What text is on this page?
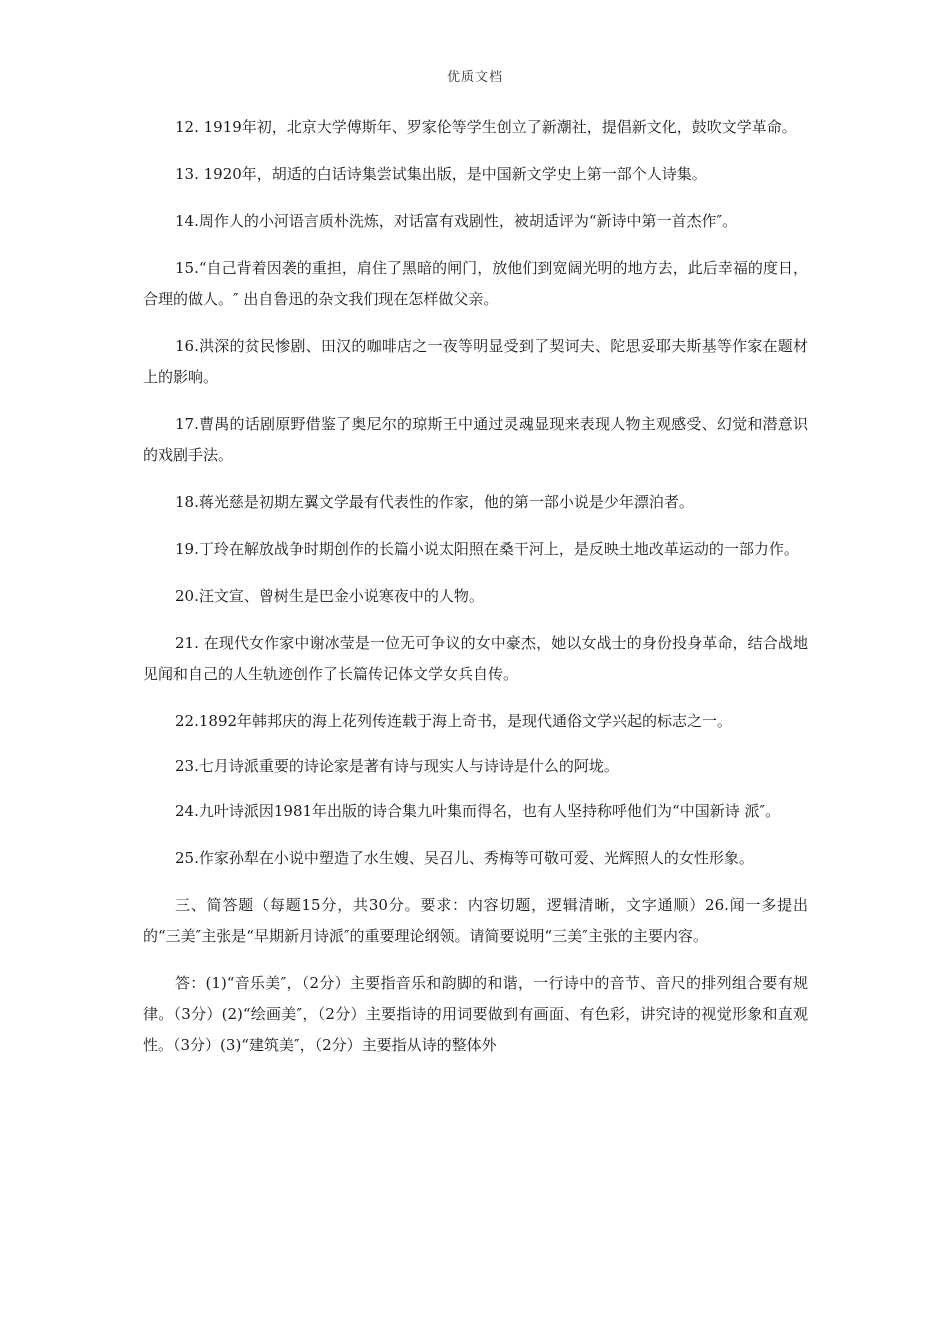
优质文档

12. 1919年初，北京大学傅斯年、罗家伦等学生创立了新潮社，提倡新文化，鼓吹文学革命。

13. 1920年，胡适的白话诗集尝试集出版，是中国新文学史上第一部个人诗集。

14.周作人的小河语言质朴洗炼，对话富有戏剧性，被胡适评为“新诗中第一首杰作″。

15.“自己背着因袭的重担，肩住了黑暗的闸门，放他们到宽阔光明的地方去，此后幸福的度日，合理的做人。″ 出自鲁迅的杂文我们现在怎样做父亲。

16.洪深的贫民惨剧、田汉的咖啡店之一夜等明显受到了契诃夫、陀思妥耶夫斯基等作家在题材上的影响。

17.曹禺的话剧原野借鉴了奥尼尔的琼斯王中通过灵魂显现来表现人物主观感受、幻觉和潜意识的戏剧手法。

18.蒋光慈是初期左翼文学最有代表性的作家，他的第一部小说是少年漂泊者。

19.丁玲在解放战争时期创作的长篇小说太阳照在桑干河上，是反映土地改革运动的一部力作。

20.汪文宣、曾树生是巴金小说寒夜中的人物。

21. 在现代女作家中谢冰莹是一位无可争议的女中豪杰，她以女战士的身份投身革命，结合战地见闻和自己的人生轨迹创作了长篇传记体文学女兵自传。

22.1892年韩邦庆的海上花列传连载于海上奇书，是现代通俗文学兴起的标志之一。

23.七月诗派重要的诗论家是著有诗与现实人与诗诗是什么的阿垅。

24.九叶诗派因1981年出版的诗合集九叶集而得名，也有人坚持称呼他们为“中国新诗 派″。

25.作家孙犁在小说中塑造了水生嫂、吴召儿、秀梅等可敬可爱、光辉照人的女性形象。

三、简答题（每题15分，共30分。要求：内容切题，逻辑清晰，文字通顺）26.闻一多提出的“三美″主张是“早期新月诗派″的重要理论纲领。请简要说明“三美″主张的主要内容。

答：(1)“音乐美″，（2分）主要指音乐和韵脚的和谐，一行诗中的音节、音尺的排列组合要有规 律。（3分）(2)“绘画美″，（2分）主要指诗的用词要做到有画面、有色彩，讲究诗的视觉形象和直观性。（3分）(3)“建筑美″，（2分）主要指从诗的整体外
